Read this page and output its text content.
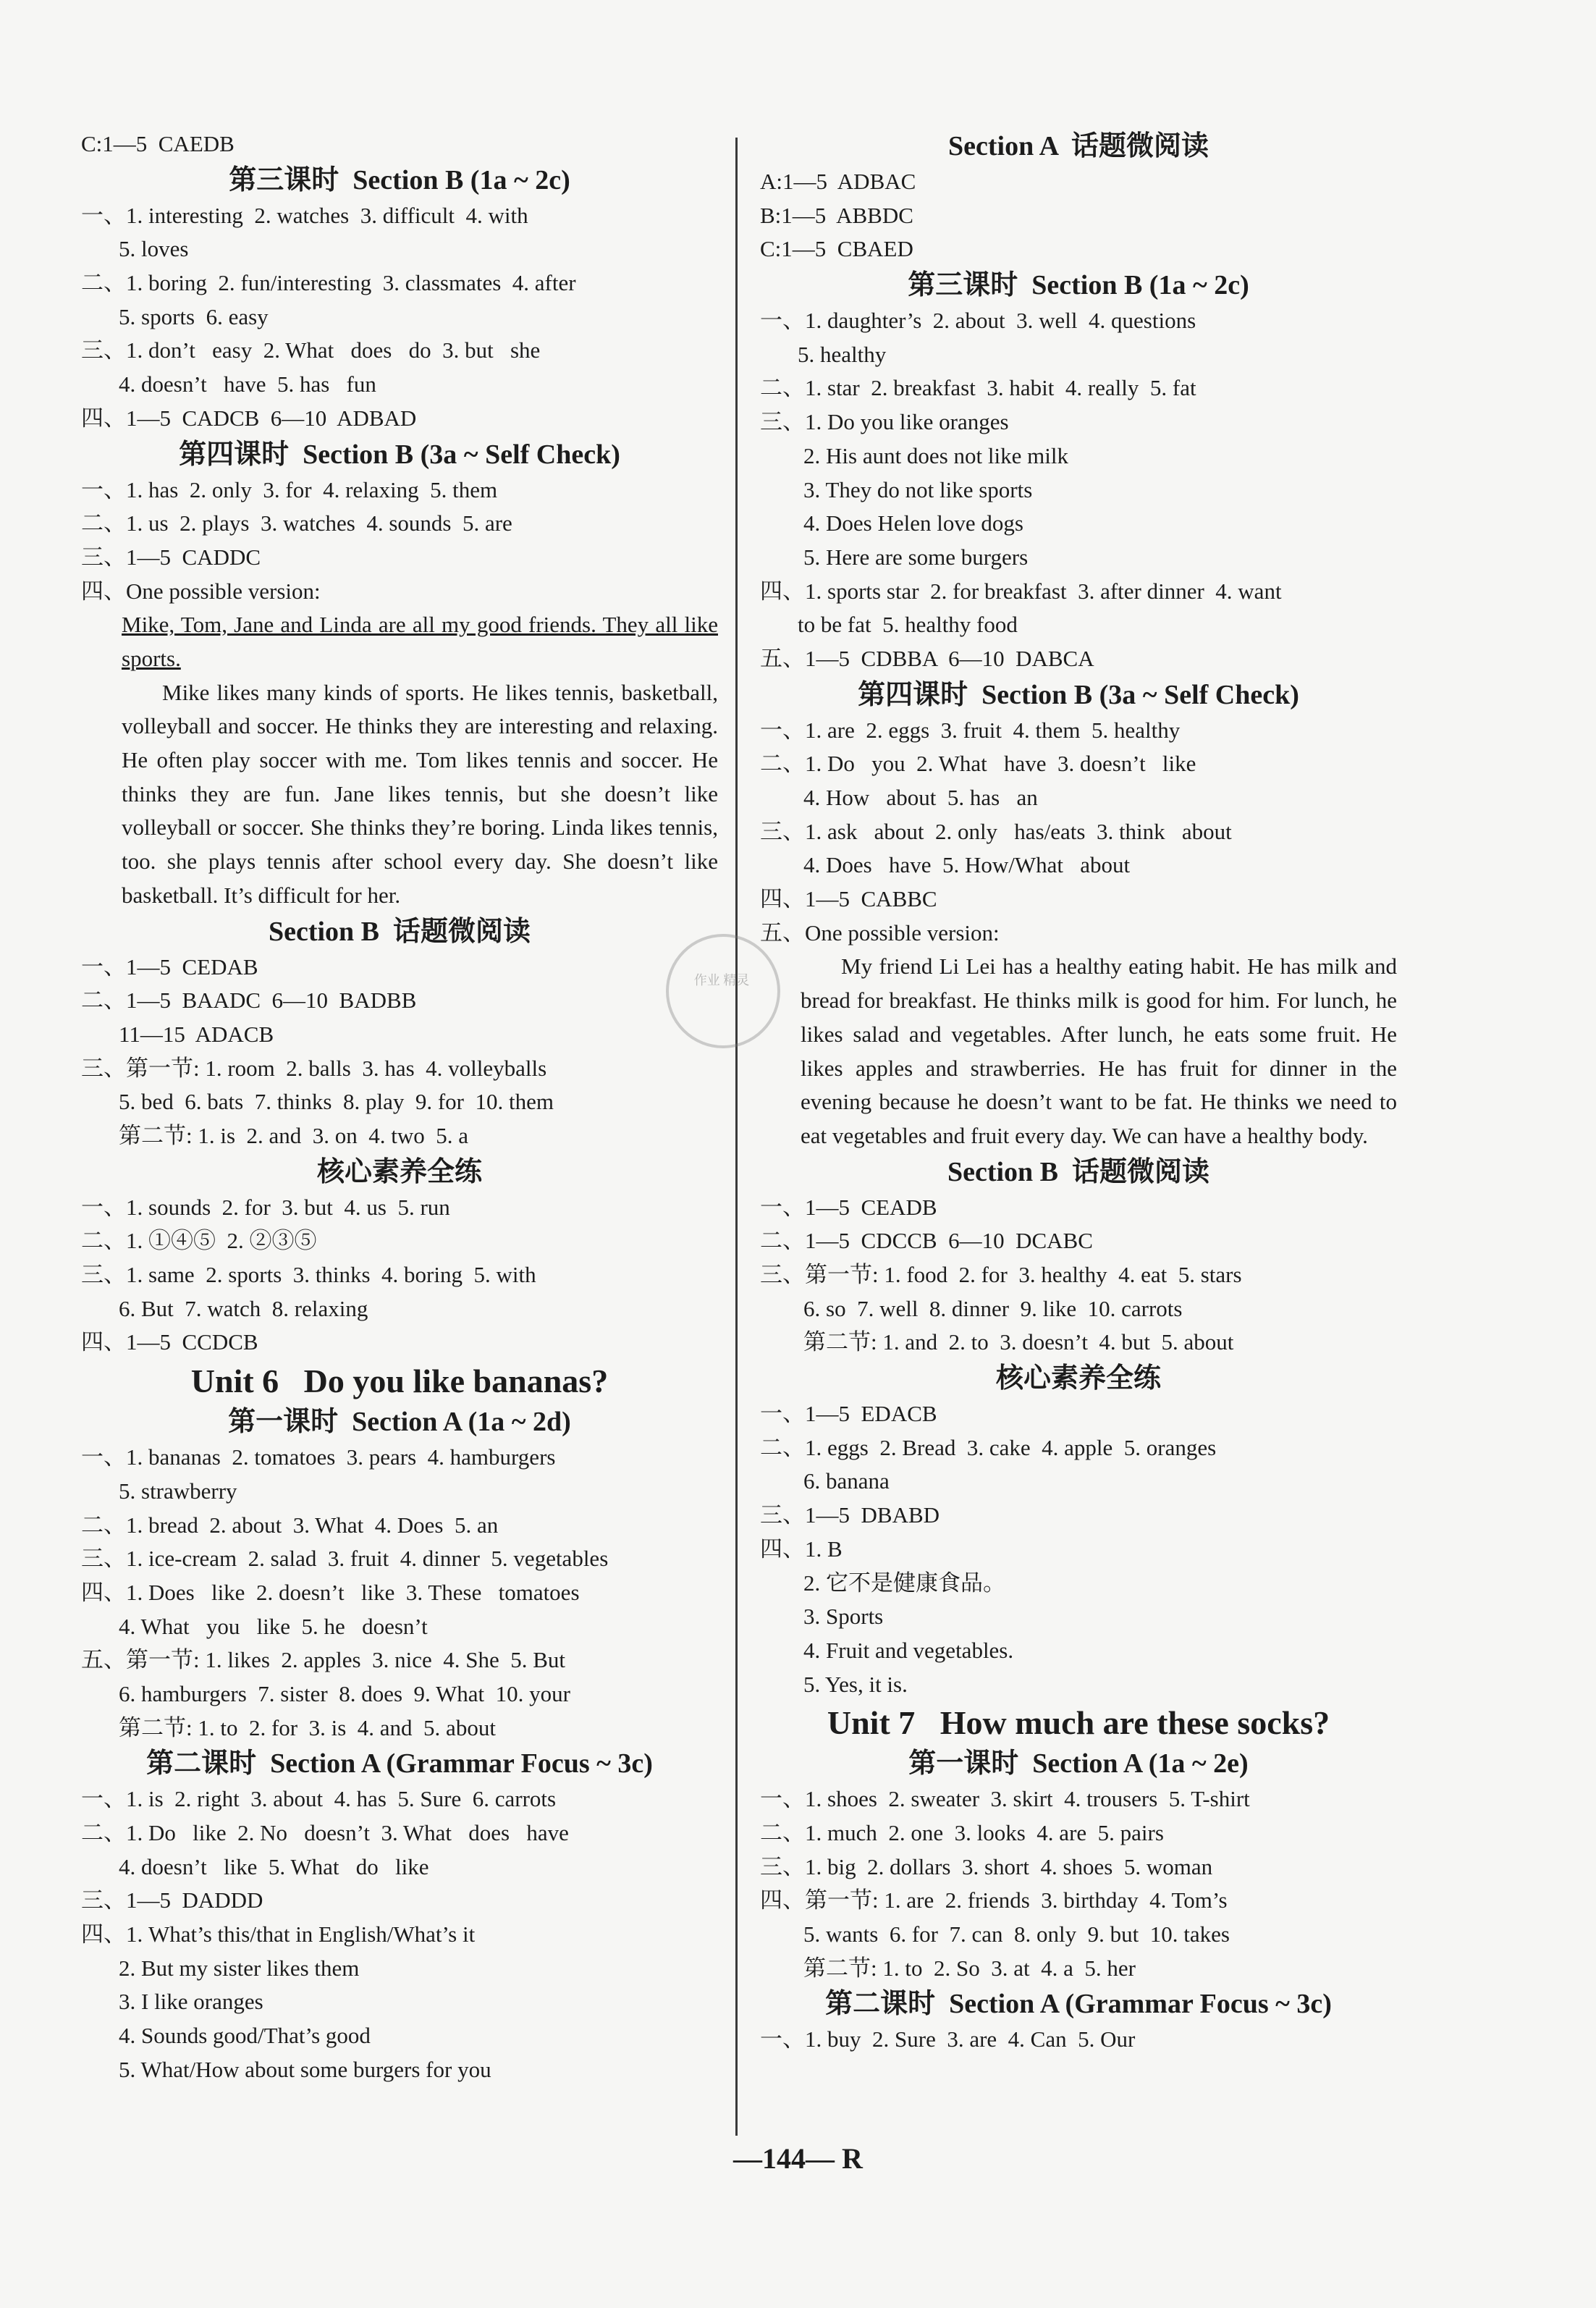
C:1—5  CAEDB
第三课时  Section B (1a ~ 2c)
一、1. interesting  2. watches  3. difficult  4. with
5. loves
二、1. boring  2. fun/interesting  3. classmates  4. after
5. sports  6. easy
三、1. don’t   easy  2. What   does   do  3. but   she
4. doesn’t   have  5. has   fun
四、1—5  CADCB  6—10  ADBAD
第四课时  Section B (3a ~ Self Check)
一、1. has  2. only  3. for  4. relaxing  5. them
二、1. us  2. plays  3. watches  4. sounds  5. are
三、1—5  CADDC
四、One possible version:
Mike, Tom, Jane and Linda are all my good friends. They all like sports.
Mike likes many kinds of sports. He likes tennis, basketball, volleyball and soccer. He thinks they are interesting and relaxing. He often play soccer with me. Tom likes tennis and soccer. He thinks they are fun. Jane likes tennis, but she doesn’t like volleyball or soccer. She thinks they’re boring. Linda likes tennis, too. she plays tennis after school every day. She doesn’t like basketball. It’s difficult for her.
Section B  话题微阅读
一、1—5  CEDAB
二、1—5  BAADC  6—10  BADBB
11—15  ADACB
三、第一节: 1. room  2. balls  3. has  4. volleyballs
5. bed  6. bats  7. thinks  8. play  9. for  10. them
第二节: 1. is  2. and  3. on  4. two  5. a
核心素养全练
一、1. sounds  2. for  3. but  4. us  5. run
二、1. ①④⑤  2. ②③⑤
三、1. same  2. sports  3. thinks  4. boring  5. with
6. But  7. watch  8. relaxing
四、1—5  CCDCB
Unit 6   Do you like bananas?
第一课时  Section A (1a ~ 2d)
一、1. bananas  2. tomatoes  3. pears  4. hamburgers
5. strawberry
二、1. bread  2. about  3. What  4. Does  5. an
三、1. ice-cream  2. salad  3. fruit  4. dinner  5. vegetables
四、1. Does   like  2. doesn’t   like  3. These   tomatoes
4. What   you   like  5. he   doesn’t
五、第一节: 1. likes  2. apples  3. nice  4. She  5. But
6. hamburgers  7. sister  8. does  9. What  10. your
第二节: 1. to  2. for  3. is  4. and  5. about
第二课时  Section A (Grammar Focus ~ 3c)
一、1. is  2. right  3. about  4. has  5. Sure  6. carrots
二、1. Do   like  2. No   doesn’t  3. What   does   have
4. doesn’t   like  5. What   do   like
三、1—5  DADDD
四、1. What’s this/that in English/What’s it
2. But my sister likes them
3. I like oranges
4. Sounds good/That’s good
5. What/How about some burgers for you
Section A  话题微阅读
A:1—5  ADBAC
B:1—5  ABBDC
C:1—5  CBAED
第三课时  Section B (1a ~ 2c)
一、1. daughter’s  2. about  3. well  4. questions
5. healthy
二、1. star  2. breakfast  3. habit  4. really  5. fat
三、1. Do you like oranges
2. His aunt does not like milk
3. They do not like sports
4. Does Helen love dogs
5. Here are some burgers
四、1. sports star  2. for breakfast  3. after dinner  4. want
to be fat  5. healthy food
五、1—5  CDBBA  6—10  DABCA
第四课时  Section B (3a ~ Self Check)
一、1. are  2. eggs  3. fruit  4. them  5. healthy
二、1. Do   you  2. What   have  3. doesn’t   like
4. How   about  5. has   an
三、1. ask   about  2. only   has/eats  3. think   about
4. Does   have  5. How/What   about
四、1—5  CABBC
五、One possible version:
My friend Li Lei has a healthy eating habit. He has milk and bread for breakfast. He thinks milk is good for him. For lunch, he likes salad and vegetables. After lunch, he eats some fruit. He likes apples and strawberries. He has fruit for dinner in the evening because he doesn’t want to be fat. He thinks we need to eat vegetables and fruit every day. We can have a healthy body.
Section B  话题微阅读
一、1—5  CEADB
二、1—5  CDCCB  6—10  DCABC
三、第一节: 1. food  2. for  3. healthy  4. eat  5. stars
6. so  7. well  8. dinner  9. like  10. carrots
第二节: 1. and  2. to  3. doesn’t  4. but  5. about
核心素养全练
一、1—5  EDACB
二、1. eggs  2. Bread  3. cake  4. apple  5. oranges
6. banana
三、1—5  DBABD
四、1. B
2. 它不是健康食品。
3. Sports
4. Fruit and vegetables.
5. Yes, it is.
Unit 7   How much are these socks?
第一课时  Section A (1a ~ 2e)
一、1. shoes  2. sweater  3. skirt  4. trousers  5. T-shirt
二、1. much  2. one  3. looks  4. are  5. pairs
三、1. big  2. dollars  3. short  4. shoes  5. woman
四、第一节: 1. are  2. friends  3. birthday  4. Tom’s
5. wants  6. for  7. can  8. only  9. but  10. takes
第二节: 1. to  2. So  3. at  4. a  5. her
第二课时  Section A (Grammar Focus ~ 3c)
一、1. buy  2. Sure  3. are  4. Can  5. Our
作业 精灵
—144— R
